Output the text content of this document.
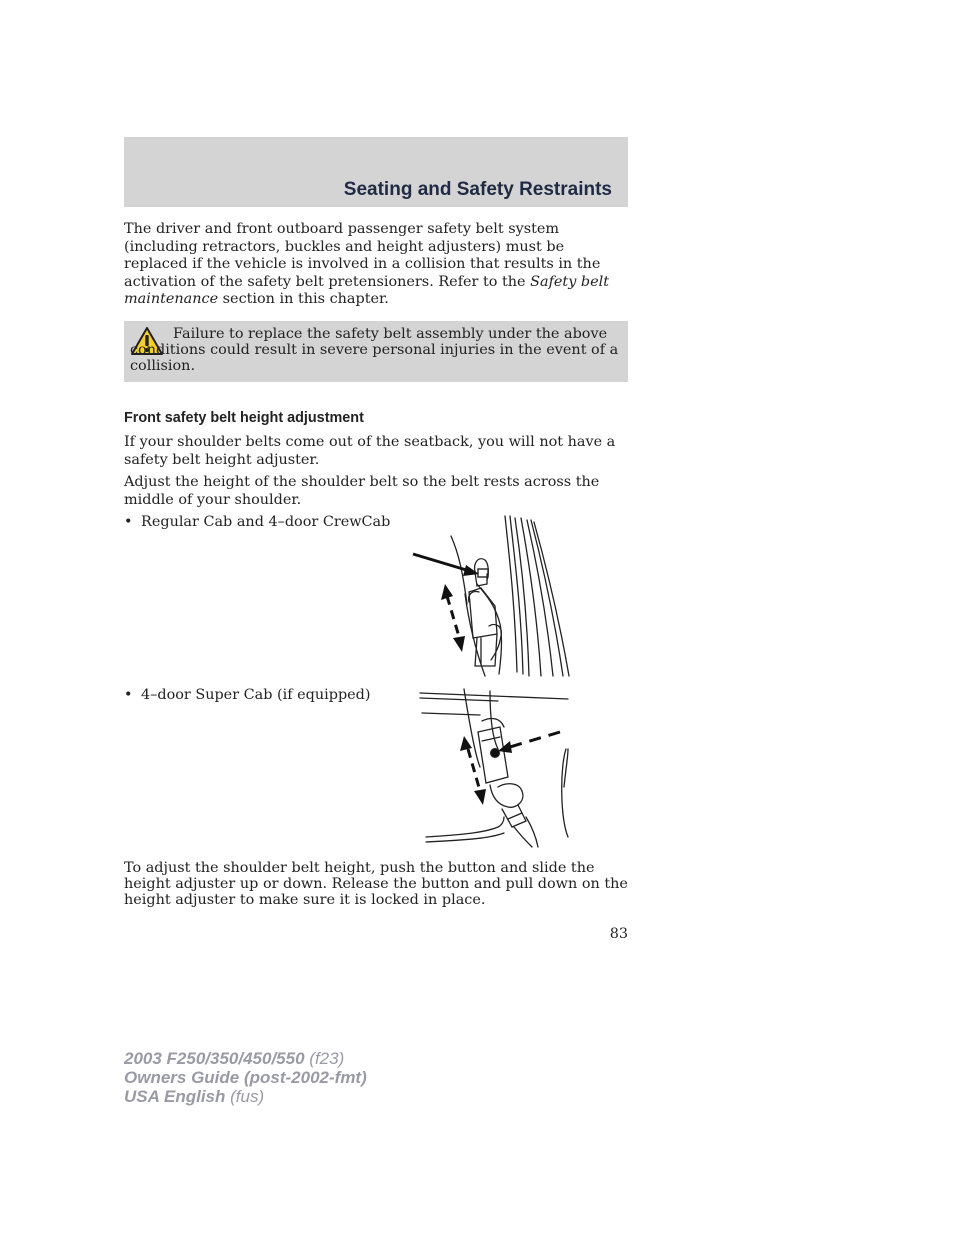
Seating and Safety Restraints

The driver and front outboard passenger safety belt system (including retractors, buckles and height adjusters) must be replaced if the vehicle is involved in a collision that results in the activation of the safety belt pretensioners. Refer to the Safety belt maintenance section in this chapter.

Failure to replace the safety belt assembly under the above conditions could result in severe personal injuries in the event of a collision.

Front safety belt height adjustment

If your shoulder belts come out of the seatback, you will not have a safety belt height adjuster.

Adjust the height of the shoulder belt so the belt rests across the middle of your shoulder.

• Regular Cab and 4–door CrewCab
• 4–door Super Cab (if equipped)

To adjust the shoulder belt height, push the button and slide the height adjuster up or down. Release the button and pull down on the height adjuster to make sure it is locked in place.

83
2003 F250/350/450/550 (f23)
Owners Guide (post-2002-fmt)
USA English (fus)
